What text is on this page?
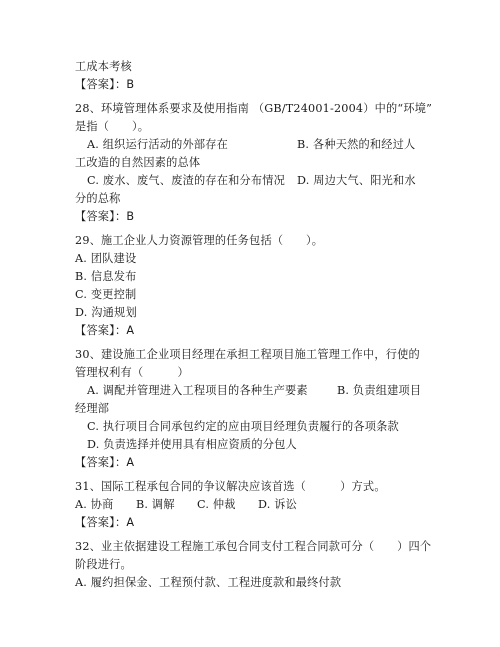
工成本考核
【答案】：B
28、环境管理体系要求及使用指南 （GB/T24001-2004）中的“环境”
是指（　　）。
A. 组织运行活动的外部存在	B. 各种天然的和经过人
工改造的自然因素的总体
C. 废水、废气、废渣的存在和分布情况 D. 周边大气、阳光和水
分的总称
【答案】：B
29、施工企业人力资源管理的任务包括（　　）。
A. 团队建设
B. 信息发布
C. 变更控制
D. 沟通规划
【答案】：A
30、建设施工企业项目经理在承担工程项目施工管理工作中，行使的
管理权利有（　　　）
A. 调配并管理进入工程项目的各种生产要素	B. 负责组建项目
经理部
C. 执行项目合同承包约定的应由项目经理负责履行的各项条款
D. 负责选择并使用具有相应资质的分包人
【答案】：A
31、国际工程承包合同的争议解决应该首选（　　　）方式。
A. 协商 B. 调解 C. 仲裁 D. 诉讼
【答案】：A
32、业主依据建设工程施工承包合同支付工程合同款可分（　　）四个
阶段进行。
A. 履约担保金、工程预付款、工程进度款和最终付款
